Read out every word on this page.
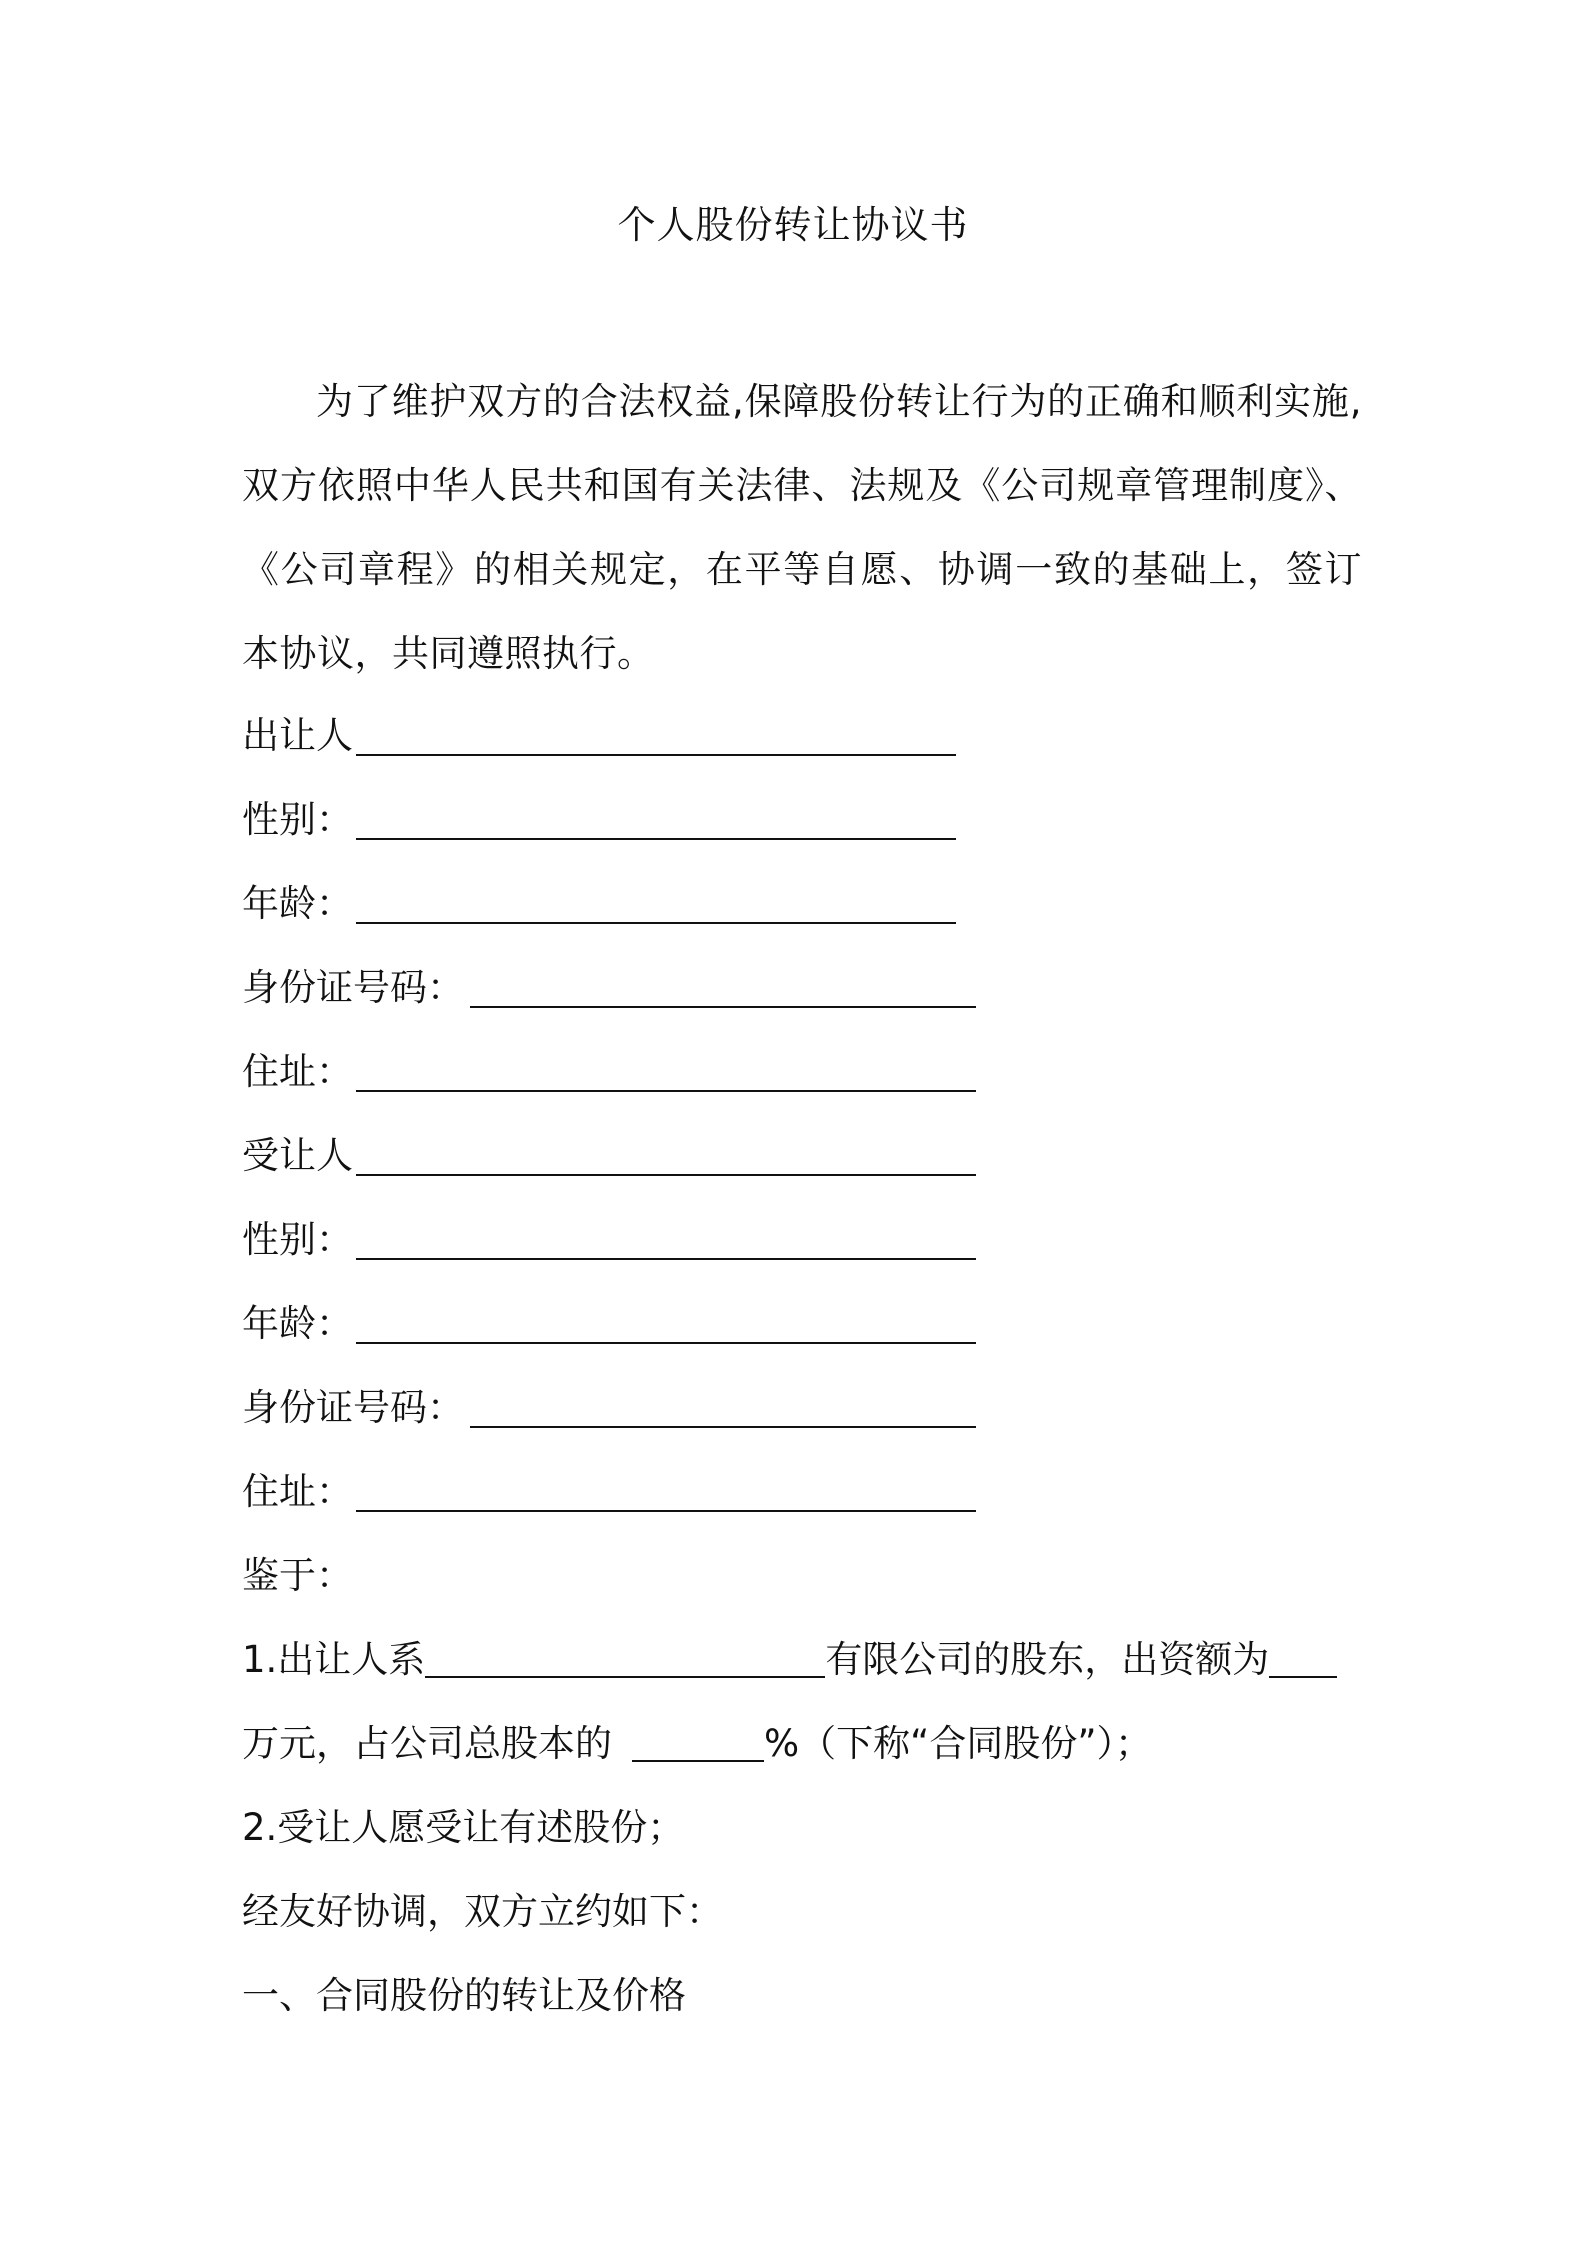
个人股份转让协议书

为了维护双方的合法权益,保障股份转让行为的正确和顺利实施,双方依照中华人民共和国有关法律、法规及《公司规章管理制度》、《公司章程》的相关规定，在平等自愿、协调一致的基础上，签订本协议，共同遵照执行。

出让人
性别：
年龄：
身份证号码：
住址：
受让人
性别：
年龄：
身份证号码：
住址：
鉴于：
1.出让人系	有限公司的股东，出资额为
万元，占公司总股本的	%（下称“合同股份”）；
2.受让人愿受让有述股份；
经友好协调，双方立约如下：
一、合同股份的转让及价格
